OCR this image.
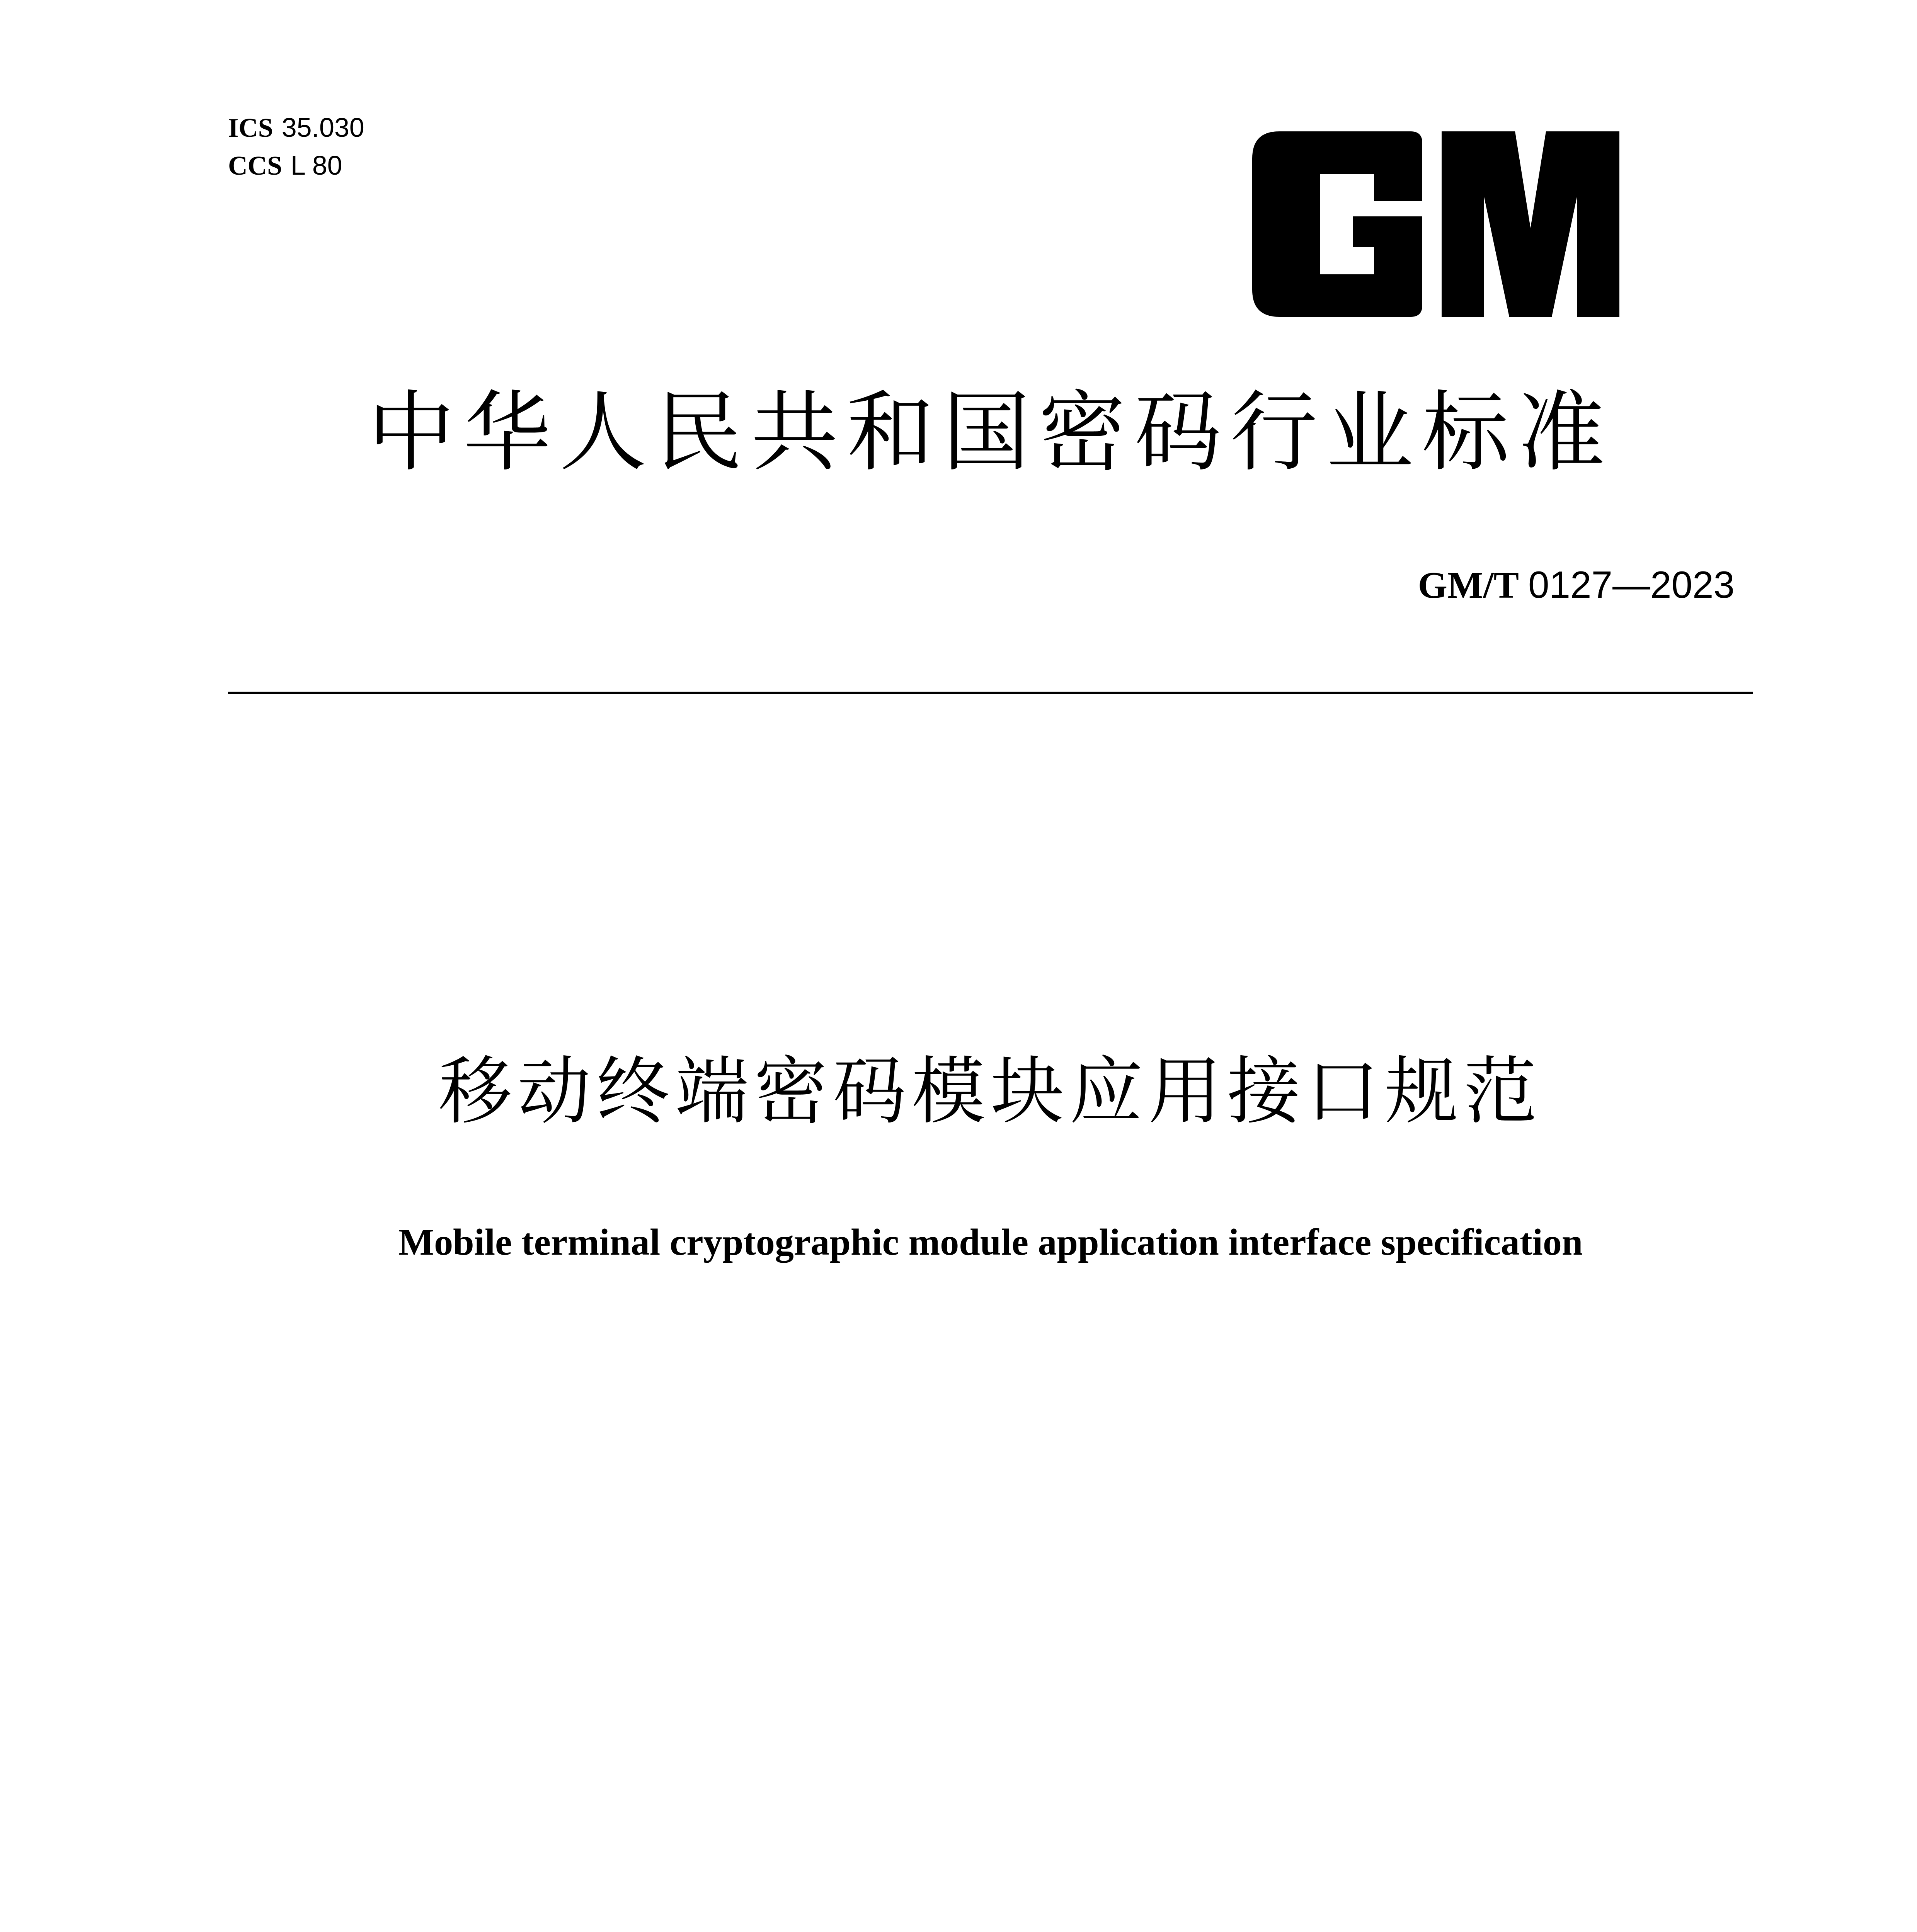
ICS 35.030
CCS L 80
中华人民共和国密码行业标准
GM/T 0127—2023
移动终端密码模块应用接口规范
Mobile terminal cryptographic module application interface specification
